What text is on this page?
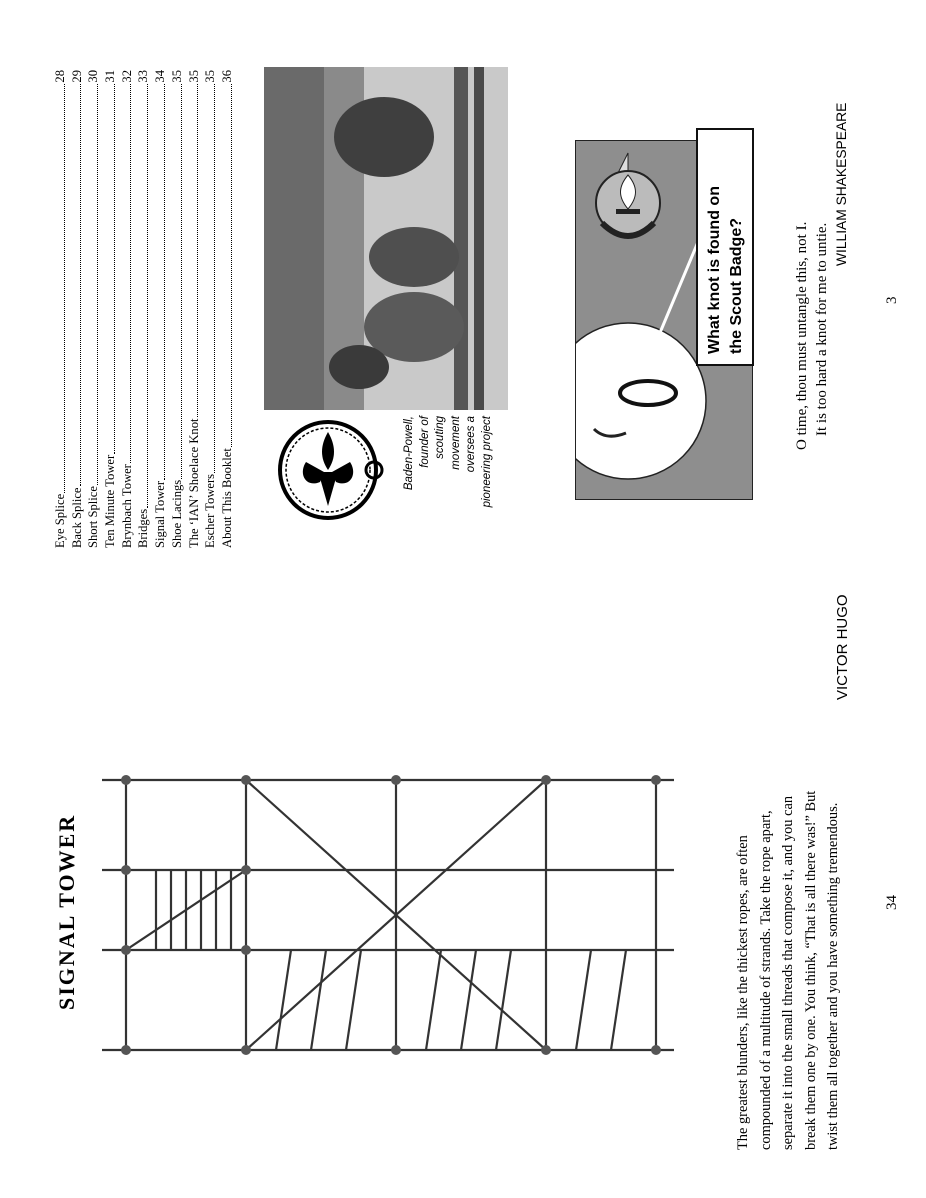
SIGNAL TOWER	The greatest blunders, like the thickest ropes, are often compounded of a multitude of strands. Take the rope apart, separate it into the small threads that compose it, and you can break them one by one. You think, “That is all there was!” But twist them all together and you have something tremendous.
VICTOR HUGO
34
Eye Splice
28
Back Splice
29
Short Splice
30
Ten Minute Tower
31
Brynbach Tower
32
Bridges
33
Signal Tower
34
Shoe Lacings
35
The ‘IAN’ Shoelace Knot
35
Escher Towers
35
About This Booklet
36
Baden-Powell, founder of scouting movement oversees a pioneering project
What knot is found on the Scout Badge?	O time, thou must untangle this, not I. It is too hard a knot for me to untie.
WILLIAM SHAKESPEARE
3
